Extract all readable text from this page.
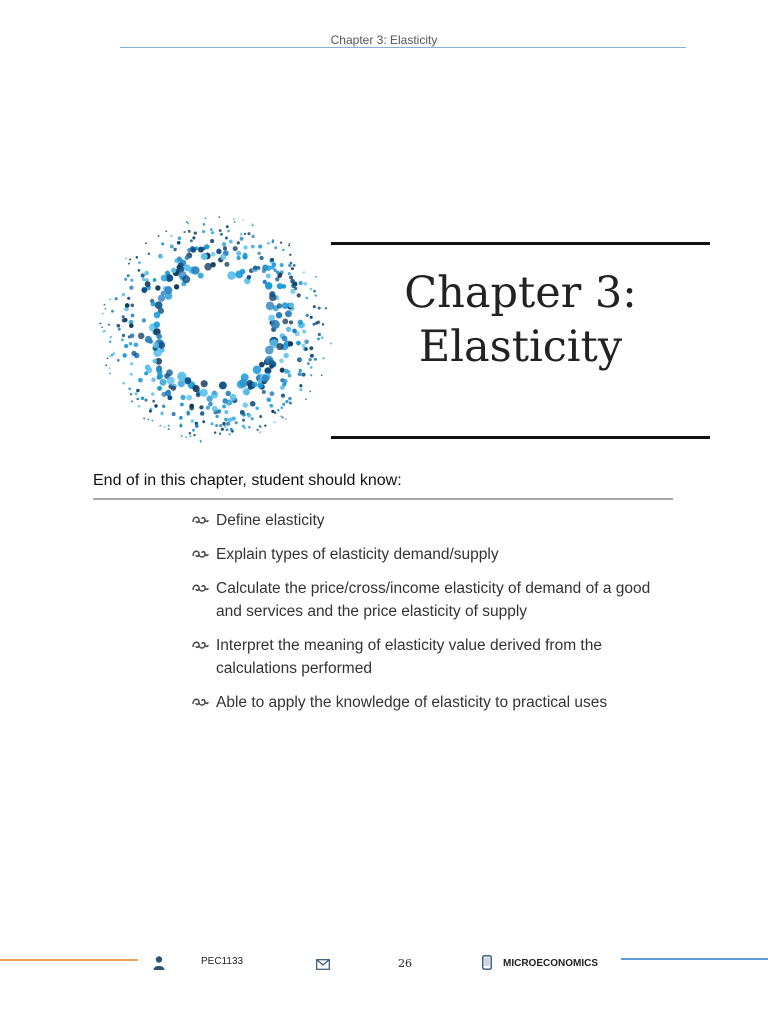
Chapter 3: Elasticity
Chapter 3:
Elasticity
End of in this chapter, student should know:
Define elasticity
Explain types of elasticity demand/supply
Calculate the price/cross/income elasticity of demand of a good and services and the price elasticity of supply
Interpret the meaning of elasticity value derived from the calculations performed
Able to apply the knowledge of elasticity to practical uses
PEC1133	26	MICROECONOMICS
